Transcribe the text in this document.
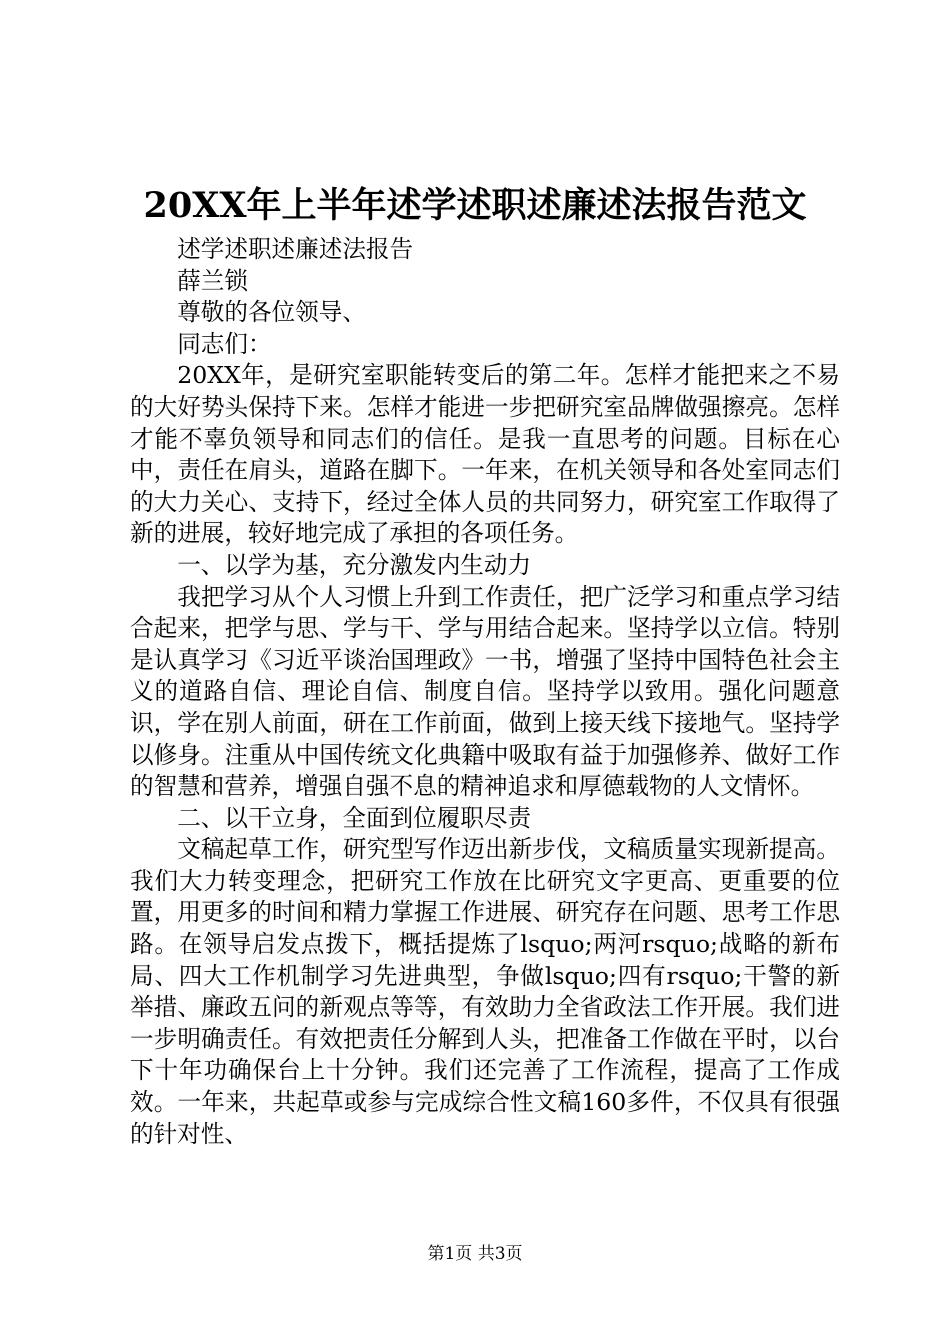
20XX年上半年述学述职述廉述法报告范文

述学述职述廉述法报告

薛兰锁

尊敬的各位领导、

同志们：

20XX年，是研究室职能转变后的第二年。怎样才能把来之不易的大好势头保持下来。怎样才能进一步把研究室品牌做强擦亮。怎样才能不辜负领导和同志们的信任。是我一直思考的问题。目标在心中，责任在肩头，道路在脚下。一年来，在机关领导和各处室同志们的大力关心、支持下，经过全体人员的共同努力，研究室工作取得了新的进展，较好地完成了承担的各项任务。

一、以学为基，充分激发内生动力

我把学习从个人习惯上升到工作责任，把广泛学习和重点学习结合起来，把学与思、学与干、学与用结合起来。坚持学以立信。特别是认真学习《习近平谈治国理政》一书，增强了坚持中国特色社会主义的道路自信、理论自信、制度自信。坚持学以致用。强化问题意识，学在别人前面，研在工作前面，做到上接天线下接地气。坚持学以修身。注重从中国传统文化典籍中吸取有益于加强修养、做好工作的智慧和营养，增强自强不息的精神追求和厚德载物的人文情怀。

二、以干立身，全面到位履职尽责

文稿起草工作，研究型写作迈出新步伐，文稿质量实现新提高。我们大力转变理念，把研究工作放在比研究文字更高、更重要的位置，用更多的时间和精力掌握工作进展、研究存在问题、思考工作思路。在领导启发点拨下，概括提炼了lsquo;两河rsquo;战略的新布局、四大工作机制学习先进典型，争做lsquo;四有rsquo;干警的新举措、廉政五问的新观点等等，有效助力全省政法工作开展。我们进一步明确责任。有效把责任分解到人头，把准备工作做在平时，以台下十年功确保台上十分钟。我们还完善了工作流程，提高了工作成效。一年来，共起草或参与完成综合性文稿160多件，不仅具有很强的针对性、

第1页 共3页
